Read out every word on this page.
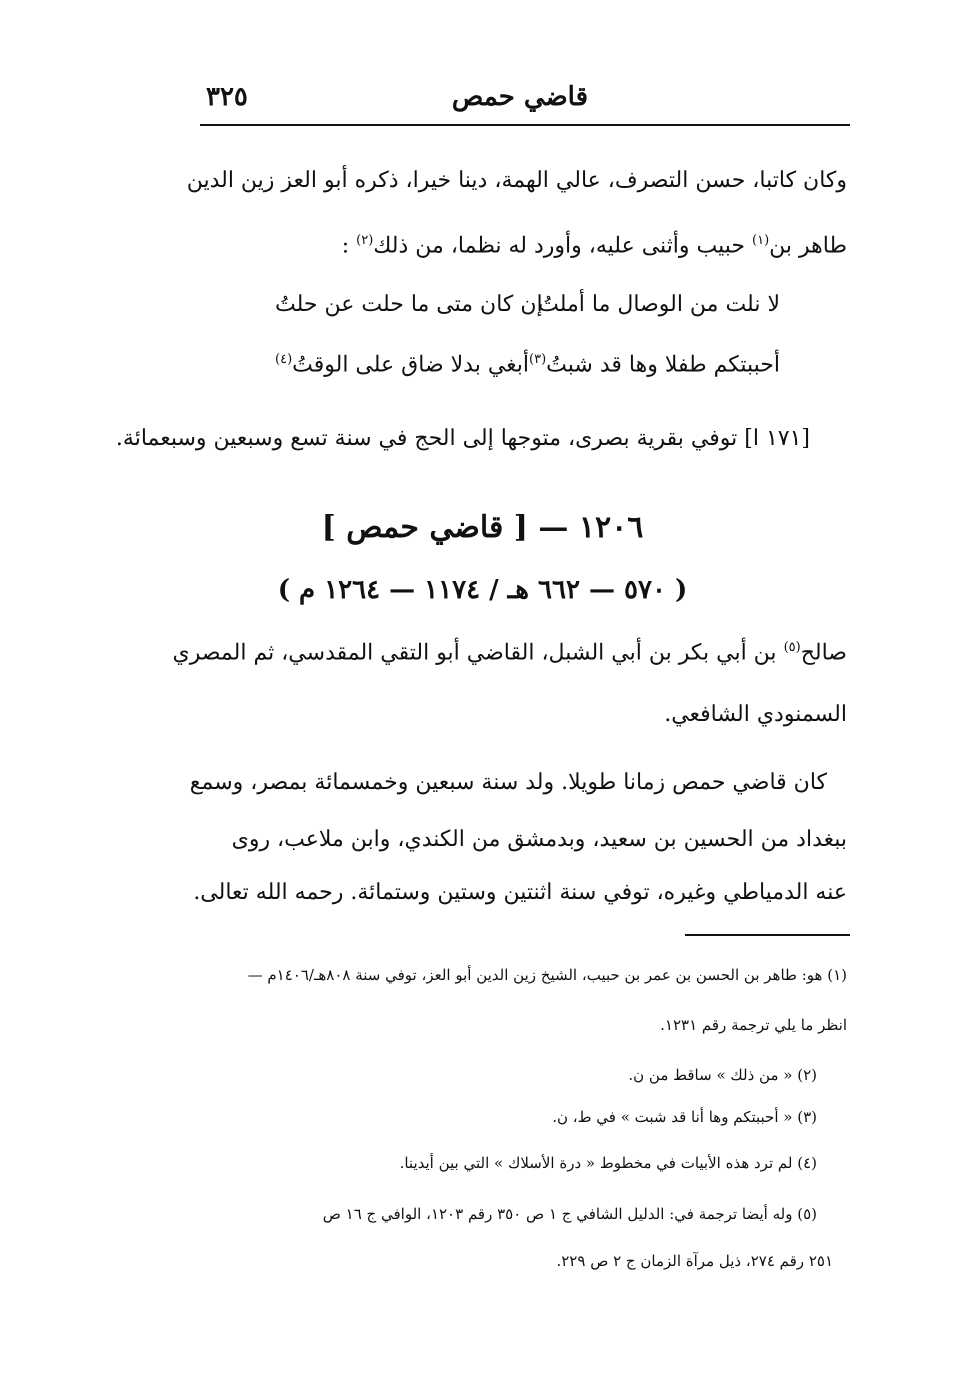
قاضي حمص
٣٢٥
وكان كاتبا، حسن التصرف، عالي الهمة، دينا خيرا، ذكره أبو العز زين الدين
طاهر بن$^{(١)}$ حبيب وأثنى عليه، وأورد له نظما، من ذلك$^{(٢)}$ :
لا نلت من الوصال ما أملتُ
إن كان متى ما حلت عن حلتُ
أحببتكم طفلا وها قد شبتُ$^{(٣)}$
أبغي بدلا ضاق على الوقتُ$^{(٤)}$
[١٧١ ا] توفي بقرية بصرى، متوجها إلى الحج في سنة تسع وسبعين وسبعمائة.
١٢٠٦ — [ قاضي حمص ]
( ٥٧٠ — ٦٦٢ هـ / ١١٧٤ — ١٢٦٤ م )
صالح$^{(٥)}$ بن أبي بكر بن أبي الشبل، القاضي أبو التقي المقدسي، ثم المصري
السمنودي الشافعي.
كان قاضي حمص زمانا طويلا. ولد سنة سبعين وخمسمائة بمصر، وسمع
ببغداد من الحسين بن سعيد، وبدمشق من الكندي، وابن ملاعب، روى
عنه الدمياطي وغيره، توفي سنة اثنتين وستين وستمائة. رحمه الله تعالى.
(١) هو: طاهر بن الحسن بن عمر بن حبيب، الشيخ زين الدين أبو العز، توفي سنة ٨٠٨هـ/١٤٠٦م —
انظر ما يلي ترجمة رقم ١٢٣١.
(٢) « من ذلك » ساقط من ن.
(٣) « أحببتكم وها أنا قد شبت » في ط، ن.
(٤) لم ترد هذه الأبيات في مخطوط « درة الأسلاك » التي بين أيدينا.
(٥) وله أيضا ترجمة في: الدليل الشافي ج ١ ص ٣٥٠ رقم ١٢٠٣، الوافي ج ١٦ ص
٢٥١ رقم ٢٧٤، ذيل مرآة الزمان ج ٢ ص ٢٢٩.
